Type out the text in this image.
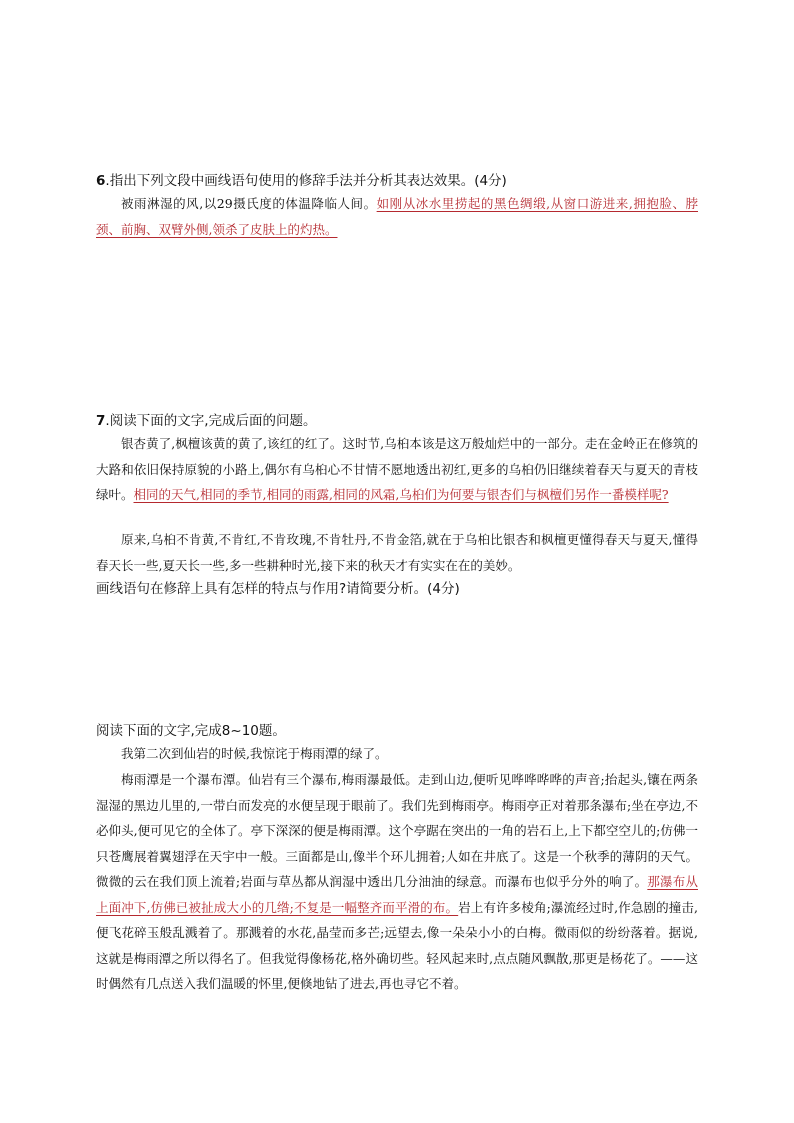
6.指出下列文段中画线语句使用的修辞手法并分析其表达效果。(4分)
被雨淋湿的风,以29摄氏度的体温降临人间。如刚从冰水里捞起的黑色绸缎,从窗口游进来,拥抱脸、脖颈、前胸、双臂外侧,领杀了皮肤上的灼热。
7.阅读下面的文字,完成后面的问题。
银杏黄了,枫檀该黄的黄了,该红的红了。这时节,乌桕本该是这万般灿烂中的一部分。走在金岭正在修筑的大路和依旧保持原貌的小路上,偶尔有乌桕心不甘情不愿地透出初红,更多的乌桕仍旧继续着春天与夏天的青枝绿叶。相同的天气,相同的季节,相同的雨露,相同的风霜,乌桕们为何要与银杏们与枫檀们另作一番模样呢?
原来,乌桕不肯黄,不肯红,不肯玫瑰,不肯牡丹,不肯金箔,就在于乌桕比银杏和枫檀更懂得春天与夏天,懂得春天长一些,夏天长一些,多一些耕种时光,接下来的秋天才有实实在在的美妙。
画线语句在修辞上具有怎样的特点与作用?请简要分析。(4分)
阅读下面的文字,完成8~10题。
我第二次到仙岩的时候,我惊诧于梅雨潭的绿了。
梅雨潭是一个瀑布潭。仙岩有三个瀑布,梅雨瀑最低。走到山边,便听见哗哗哗哗的声音;抬起头,镶在两条湿湿的黑边儿里的,一带白而发亮的水便呈现于眼前了。我们先到梅雨亭。梅雨亭正对着那条瀑布;坐在亭边,不必仰头,便可见它的全体了。亭下深深的便是梅雨潭。这个亭踞在突出的一角的岩石上,上下都空空儿的;仿佛一只苍鹰展着翼翅浮在天宇中一般。三面都是山,像半个环儿拥着;人如在井底了。这是一个秋季的薄阴的天气。微微的云在我们顶上流着;岩面与草丛都从润湿中透出几分油油的绿意。而瀑布也似乎分外的响了。那瀑布从上面冲下,仿佛已被扯成大小的几绺;不复是一幅整齐而平滑的布。岩上有许多棱角;瀑流经过时,作急剧的撞击,便飞花碎玉般乱溅着了。那溅着的水花,晶莹而多芒;远望去,像一朵朵小小的白梅。微雨似的纷纷落着。据说,这就是梅雨潭之所以得名了。但我觉得像杨花,格外确切些。轻风起来时,点点随风飘散,那更是杨花了。——这时偶然有几点送入我们温暖的怀里,便倏地钻了进去,再也寻它不着。
